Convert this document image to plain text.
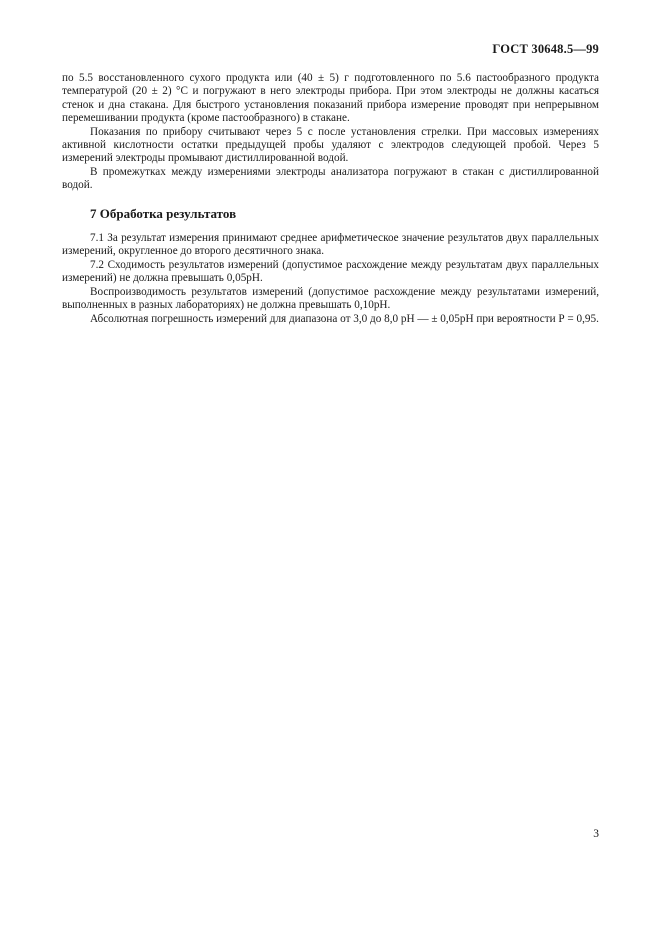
ГОСТ 30648.5—99

по 5.5 восстановленного сухого продукта или (40 ± 5) г подготовленного по 5.6 пастообразного продукта температурой (20 ± 2) °С и погружают в него электроды прибора. При этом электроды не должны касаться стенок и дна стакана. Для быстрого установления показаний прибора измерение проводят при непрерывном перемешивании продукта (кроме пастообразного) в стакане.

Показания по прибору считывают через 5 с после установления стрелки. При массовых измерениях активной кислотности остатки предыдущей пробы удаляют с электродов следующей пробой. Через 5 измерений электроды промывают дистиллированной водой.

В промежутках между измерениями электроды анализатора погружают в стакан с дистиллированной водой.

7 Обработка результатов

7.1 За результат измерения принимают среднее арифметическое значение результатов двух параллельных измерений, округленное до второго десятичного знака.

7.2 Сходимость результатов измерений (допустимое расхождение между результатам двух параллельных измерений) не должна превышать 0,05рН.

Воспроизводимость результатов измерений (допустимое расхождение между результатами измерений, выполненных в разных лабораториях) не должна превышать 0,10рН.

Абсолютная погрешность измерений для диапазона от 3,0 до 8,0 рН — ± 0,05рН при вероятности Р = 0,95.

3
